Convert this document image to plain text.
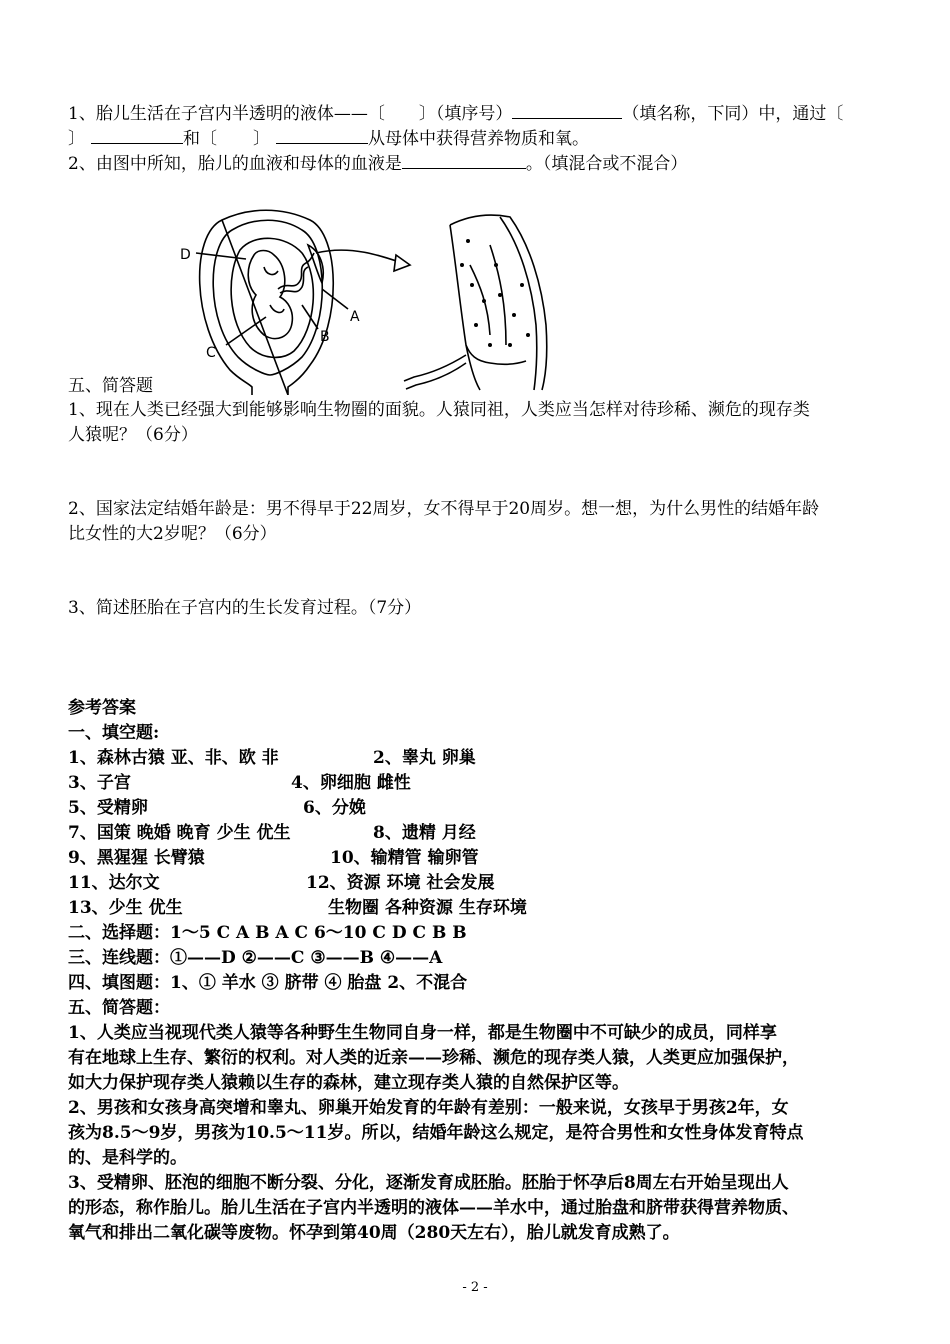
1、胎儿生活在子宫内半透明的液体——〔 〕（填序号）	（填名称，下同）中，通过〔
〕	和〔 〕	从母体中获得营养物质和氧。
2、由图中所知，胎儿的血液和母体的血液是	。（填混合或不混合）
D
A
B
C
五、简答题
1、现在人类已经强大到能够影响生物圈的面貌。人猿同祖，人类应当怎样对待珍稀、濒危的现存类
人猿呢？（6分）
2、国家法定结婚年龄是：男不得早于22周岁，女不得早于20周岁。想一想，为什么男性的结婚年龄
比女性的大2岁呢？（6分）
3、简述胚胎在子宫内的生长发育过程。（7分）
参考答案
一、填空题:
1、森林古猿 亚、非、欧 非	2、睾丸 卵巢
3、子宫	4、卵细胞 雌性
5、受精卵	6、分娩
7、国策 晚婚 晚育 少生 优生	8、遗精 月经
9、黑猩猩 长臂猿	10、输精管 输卵管
11、达尔文	12、资源 环境 社会发展
13、少生 优生	生物圈 各种资源 生存环境
二、选择题：1～5 C A B A C 6～10 C D C B B
三、连线题：①——D ②——C ③——B ④——A
四、填图题：1、① 羊水 ③ 脐带 ④ 胎盘 2、不混合
五、简答题：
1、人类应当视现代类人猿等各种野生生物同自身一样，都是生物圈中不可缺少的成员，同样享
有在地球上生存、繁衍的权利。对人类的近亲——珍稀、濒危的现存类人猿，人类更应加强保护，
如大力保护现存类人猿赖以生存的森林，建立现存类人猿的自然保护区等。
2、男孩和女孩身高突增和睾丸、卵巢开始发育的年龄有差别：一般来说，女孩早于男孩2年，女
孩为8.5～9岁，男孩为10.5～11岁。所以，结婚年龄这么规定，是符合男性和女性身体发育特点
的、是科学的。
3、受精卵、胚泡的细胞不断分裂、分化，逐渐发育成胚胎。胚胎于怀孕后8周左右开始呈现出人
的形态，称作胎儿。胎儿生活在子宫内半透明的液体——羊水中，通过胎盘和脐带获得营养物质、
氧气和排出二氧化碳等废物。怀孕到第40周（280天左右），胎儿就发育成熟了。
- 2 -
